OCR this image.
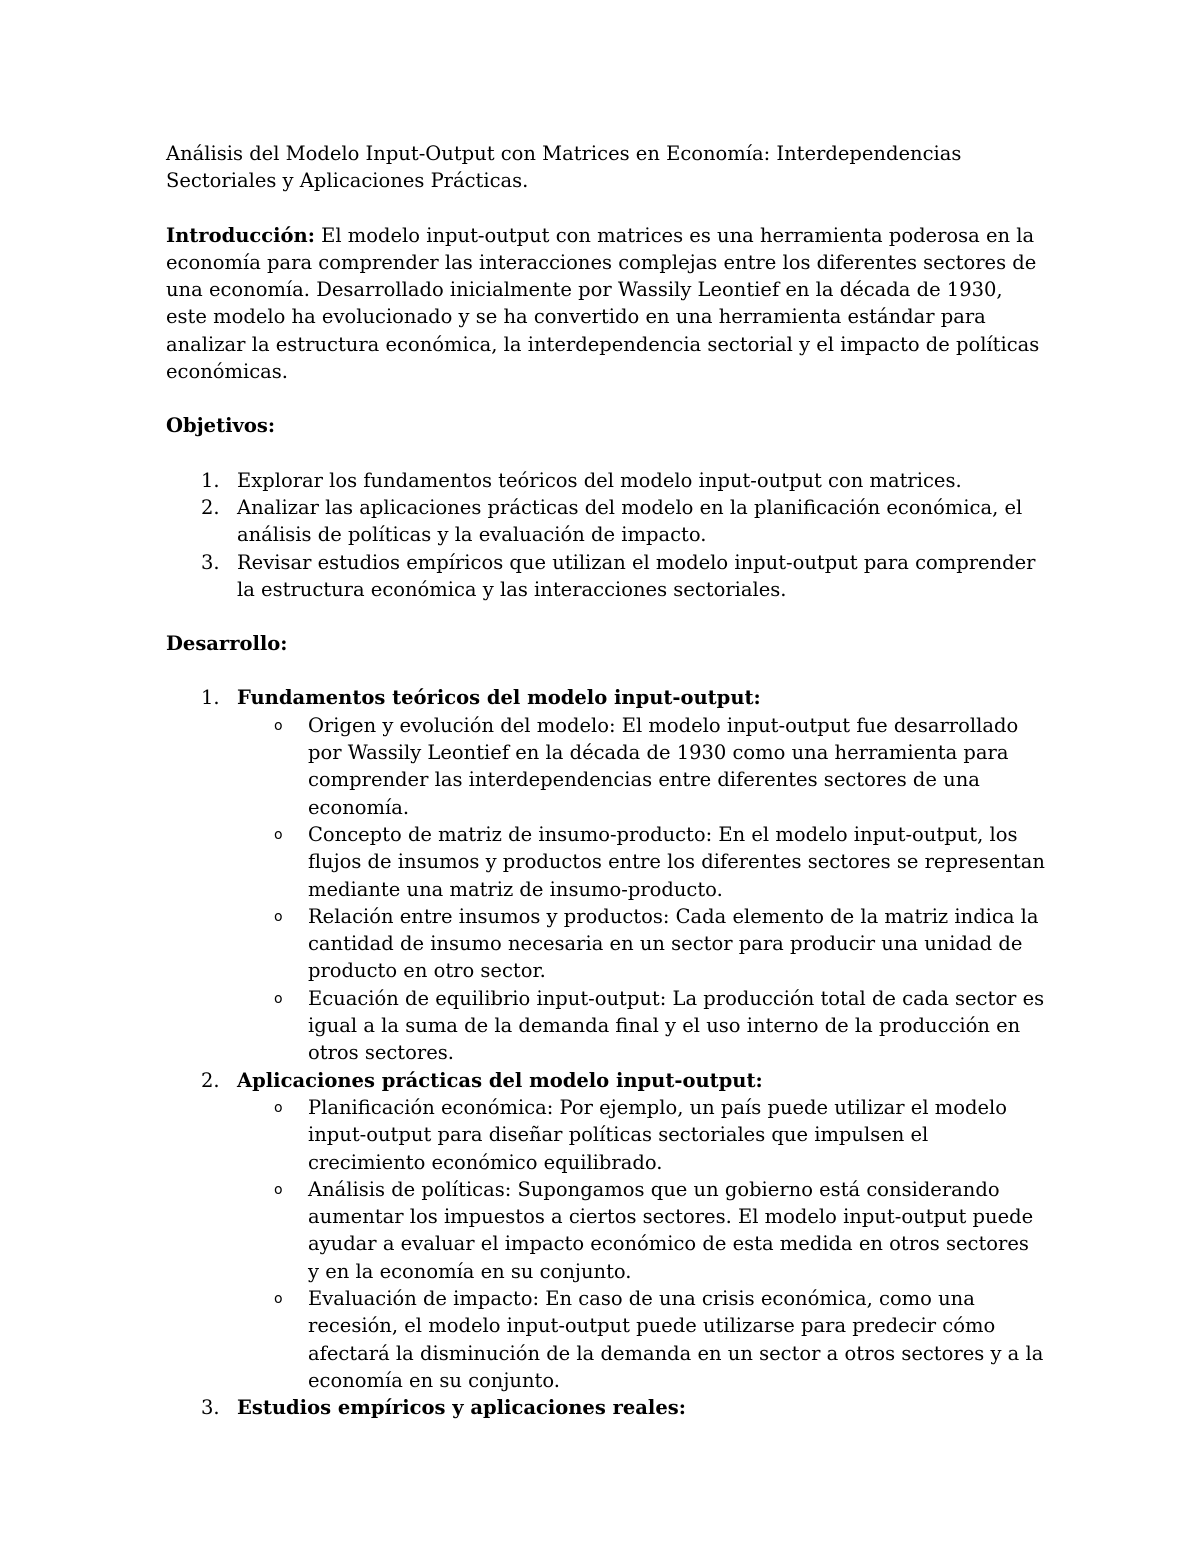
Análisis del Modelo Input-Output con Matrices en Economía: Interdependencias
Sectoriales y Aplicaciones Prácticas.

Introducción: El modelo input-output con matrices es una herramienta poderosa en la economía para comprender las interacciones complejas entre los diferentes sectores de una economía. Desarrollado inicialmente por Wassily Leontief en la década de 1930, este modelo ha evolucionado y se ha convertido en una herramienta estándar para analizar la estructura económica, la interdependencia sectorial y el impacto de políticas económicas.

Objetivos:

1. Explorar los fundamentos teóricos del modelo input-output con matrices.
2. Analizar las aplicaciones prácticas del modelo en la planificación económica, el análisis de políticas y la evaluación de impacto.
3. Revisar estudios empíricos que utilizan el modelo input-output para comprender la estructura económica y las interacciones sectoriales.

Desarrollo:

1. Fundamentos teóricos del modelo input-output:
o Origen y evolución del modelo: El modelo input-output fue desarrollado por Wassily Leontief en la década de 1930 como una herramienta para comprender las interdependencias entre diferentes sectores de una economía.
o Concepto de matriz de insumo-producto: En el modelo input-output, los flujos de insumos y productos entre los diferentes sectores se representan mediante una matriz de insumo-producto.
o Relación entre insumos y productos: Cada elemento de la matriz indica la cantidad de insumo necesaria en un sector para producir una unidad de producto en otro sector.
o Ecuación de equilibrio input-output: La producción total de cada sector es igual a la suma de la demanda final y el uso interno de la producción en otros sectores.
2. Aplicaciones prácticas del modelo input-output:
o Planificación económica: Por ejemplo, un país puede utilizar el modelo input-output para diseñar políticas sectoriales que impulsen el crecimiento económico equilibrado.
o Análisis de políticas: Supongamos que un gobierno está considerando aumentar los impuestos a ciertos sectores. El modelo input-output puede ayudar a evaluar el impacto económico de esta medida en otros sectores y en la economía en su conjunto.
o Evaluación de impacto: En caso de una crisis económica, como una recesión, el modelo input-output puede utilizarse para predecir cómo afectará la disminución de la demanda en un sector a otros sectores y a la economía en su conjunto.
3. Estudios empíricos y aplicaciones reales:
